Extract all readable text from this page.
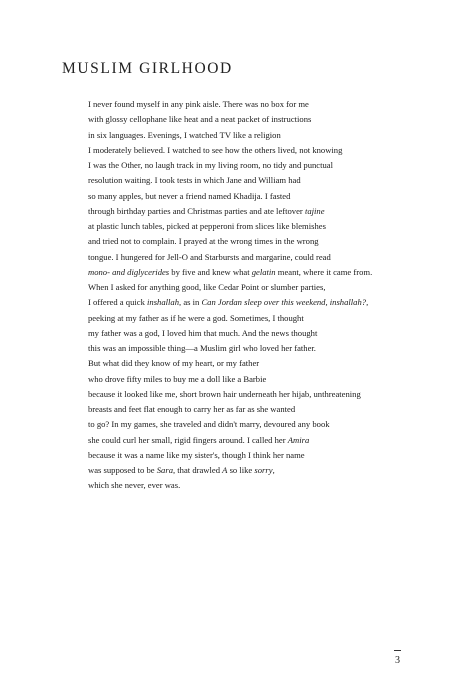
MUSLIM GIRLHOOD
I never found myself in any pink aisle. There was no box for me
with glossy cellophane like heat and a neat packet of instructions
in six languages. Evenings, I watched TV like a religion
I moderately believed. I watched to see how the others lived, not knowing
I was the Other, no laugh track in my living room, no tidy and punctual
resolution waiting. I took tests in which Jane and William had
so many apples, but never a friend named Khadija. I fasted
through birthday parties and Christmas parties and ate leftover tajine
at plastic lunch tables, picked at pepperoni from slices like blemishes
and tried not to complain. I prayed at the wrong times in the wrong
tongue. I hungered for Jell-O and Starbursts and margarine, could read
mono- and diglycerides by five and knew what gelatin meant, where it came from.
When I asked for anything good, like Cedar Point or slumber parties,
I offered a quick inshallah, as in Can Jordan sleep over this weekend, inshallah?,
peeking at my father as if he were a god. Sometimes, I thought
my father was a god, I loved him that much. And the news thought
this was an impossible thing—a Muslim girl who loved her father.
But what did they know of my heart, or my father
who drove fifty miles to buy me a doll like a Barbie
because it looked like me, short brown hair underneath her hijab, unthreatening
breasts and feet flat enough to carry her as far as she wanted
to go? In my games, she traveled and didn't marry, devoured any book
she could curl her small, rigid fingers around. I called her Amira
because it was a name like my sister's, though I think her name
was supposed to be Sara, that drawled A so like sorry,
which she never, ever was.
3
